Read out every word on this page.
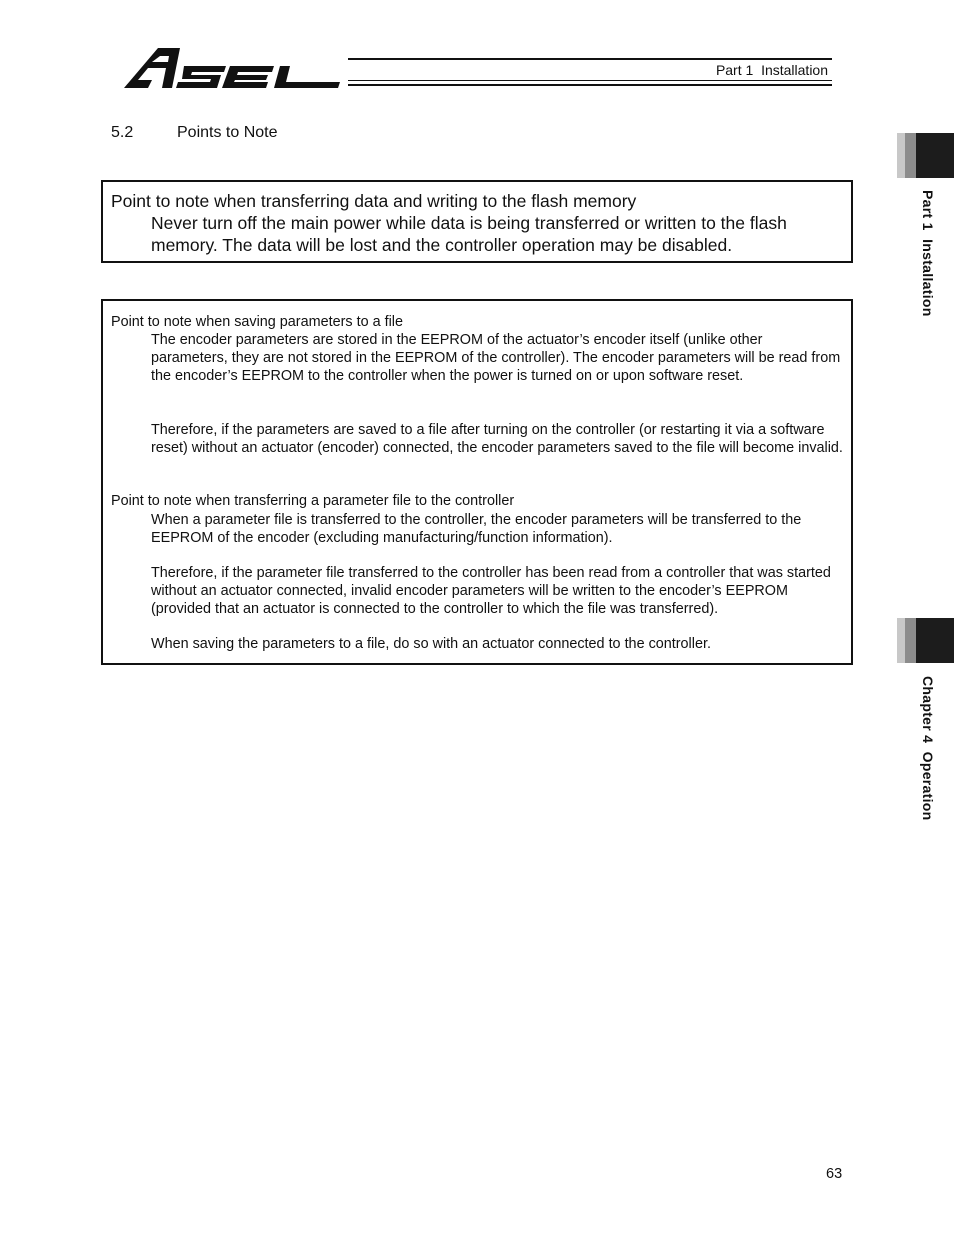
Part 1  Installation
5.2	Points to Note
Point to note when transferring data and writing to the flash memory
Never turn off the main power while data is being transferred or written to the flash memory. The data will be lost and the controller operation may be disabled.
Point to note when saving parameters to a file
The encoder parameters are stored in the EEPROM of the actuator’s encoder itself (unlike other parameters, they are not stored in the EEPROM of the controller). The encoder parameters will be read from the encoder’s EEPROM to the controller when the power is turned on or upon software reset.
Therefore, if the parameters are saved to a file after turning on the controller (or restarting it via a software reset) without an actuator (encoder) connected, the encoder parameters saved to the file will become invalid.
Point to note when transferring a parameter file to the controller
When a parameter file is transferred to the controller, the encoder parameters will be transferred to the EEPROM of the encoder (excluding manufacturing/function information).
Therefore, if the parameter file transferred to the controller has been read from a controller that was started without an actuator connected, invalid encoder parameters will be written to the encoder’s EEPROM (provided that an actuator is connected to the controller to which the file was transferred).
When saving the parameters to a file, do so with an actuator connected to the controller.
Part 1  Installation
Chapter 4  Operation
63
